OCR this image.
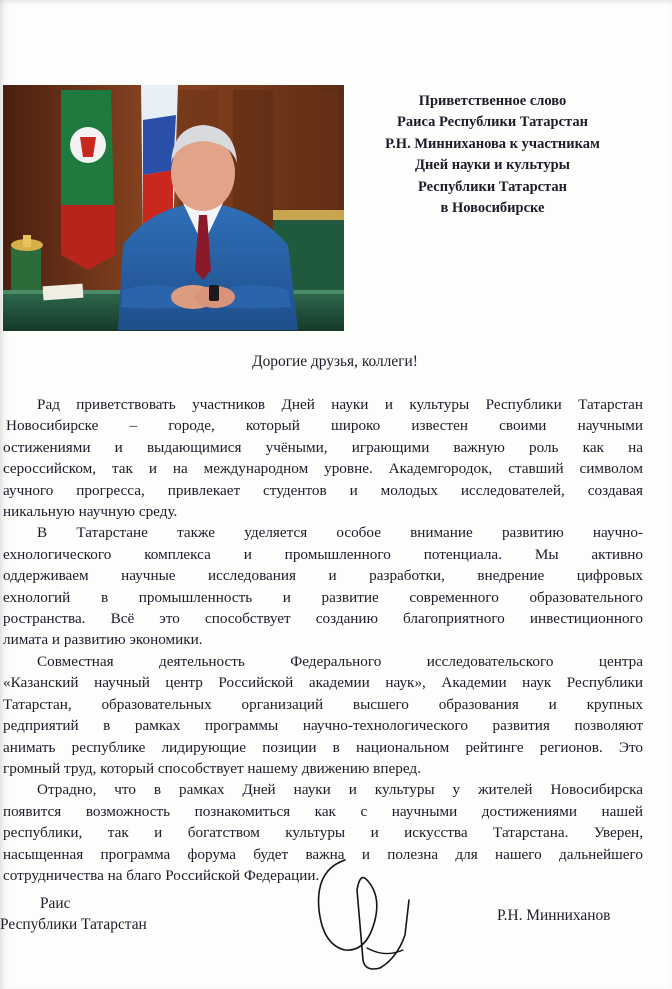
Приветственное слово
Раиса Республики Татарстан
Р.Н. Минниханова к участникам
Дней науки и культуры
Республики Татарстан
в Новосибирске
Дорогие друзья, коллеги!
Рад приветствовать участников Дней науки и культуры Республики Татарстан
Новосибирске – городе, который широко известен своими научными
остижениями и выдающимися учёными, играющими важную роль как на
сероссийском, так и на международном уровне. Академгородок, ставший символом
аучного прогресса, привлекает студентов и молодых исследователей, создавая
никальную научную среду.
В Татарстане также уделяется особое внимание развитию научно-
ехнологического комплекса и промышленного потенциала. Мы активно
оддерживаем научные исследования и разработки, внедрение цифровых
ехнологий в промышленность и развитие современного образовательного
ространства. Всё это способствует созданию благоприятного инвестиционного
лимата и развитию экономики.
Совместная деятельность Федерального исследовательского центра
«Казанский научный центр Российской академии наук», Академии наук Республики
Татарстан, образовательных организаций высшего образования и крупных
редприятий в рамках программы научно-технологического развития позволяют
анимать республике лидирующие позиции в национальном рейтинге регионов. Это
громный труд, который способствует нашему движению вперед.
Отрадно, что в рамках Дней науки и культуры у жителей Новосибирска
появится возможность познакомиться как с научными достижениями нашей
республики, так и богатством культуры и искусства Татарстана. Уверен,
насыщенная программа форума будет важна и полезна для нашего дальнейшего
сотрудничества на благо Российской Федерации.
Раис
Республики Татарстан
Р.Н. Минниханов
